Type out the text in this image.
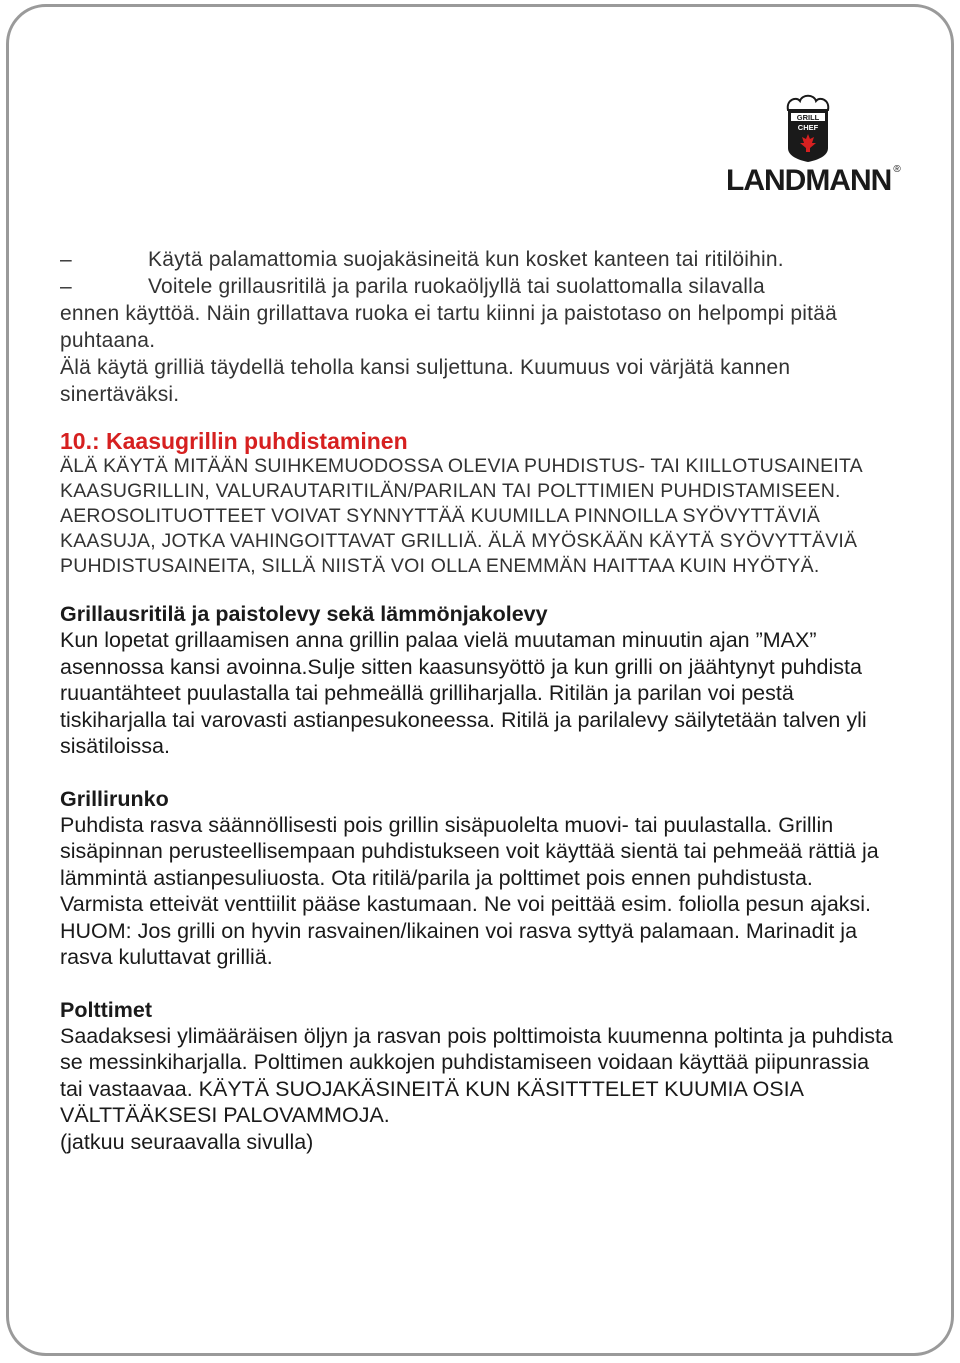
GRILL
CHEF
LANDMANN ®
–	Käytä palamattomia suojakäsineitä kun kosket kanteen tai ritilöihin.
–	Voitele grillausritilä ja parila ruokaöljyllä tai suolattomalla silavalla
ennen käyttöä. Näin grillattava ruoka ei tartu kiinni ja paistotaso on helpompi pitää puhtaana.
Älä käytä grilliä täydellä teholla kansi suljettuna. Kuumuus voi värjätä kannen sinertäväksi.
10.: Kaasugrillin puhdistaminen
ÄLÄ KÄYTÄ MITÄÄN SUIHKEMUODOSSA OLEVIA PUHDISTUS- TAI KIILLOTUSAINEITA KAASUGRILLIN, VALURAUTARITILÄN/PARILAN TAI POLTTIMIEN PUHDISTAMISEEN. AEROSOLITUOTTEET VOIVAT SYNNYTTÄÄ KUUMILLA PINNOILLA SYÖVYTTÄVIÄ KAASUJA, JOTKA VAHINGOITTAVAT GRILLIÄ. ÄLÄ MYÖSKÄÄN KÄYTÄ SYÖVYTTÄVIÄ PUHDISTUSAINEITA, SILLÄ NIISTÄ VOI OLLA ENEMMÄN HAITTAA KUIN HYÖTYÄ.
Grillausritilä ja paistolevy sekä lämmönjakolevy
Kun lopetat grillaamisen anna grillin palaa vielä muutaman minuutin ajan ”MAX” asennossa kansi avoinna.Sulje sitten kaasunsyöttö ja kun grilli on jäähtynyt puhdista ruuantähteet puulastalla tai pehmeällä grilliharjalla. Ritilän ja parilan voi pestä tiskiharjalla tai varovasti astianpesukoneessa. Ritilä ja parilalevy säilytetään talven yli sisätiloissa.
Grillirunko
Puhdista rasva säännöllisesti pois grillin sisäpuolelta muovi- tai puulastalla. Grillin sisäpinnan perusteellisempaan puhdistukseen voit käyttää sientä tai pehmeää rättiä ja lämmintä astianpesuliuosta. Ota ritilä/parila ja polttimet pois ennen puhdistusta. Varmista etteivät venttiilit pääse kastumaan. Ne voi peittää esim. foliolla pesun ajaksi.
HUOM: Jos grilli on hyvin rasvainen/likainen voi rasva syttyä palamaan. Marinadit ja rasva kuluttavat grilliä.
Polttimet
Saadaksesi ylimääräisen öljyn ja rasvan pois polttimoista kuumenna poltinta ja puhdista se messinkiharjalla. Polttimen aukkojen puhdistamiseen voidaan käyttää piipunrassia tai vastaavaa. KÄYTÄ SUOJAKÄSINEITÄ KUN KÄSITTTELET KUUMIA OSIA VÄLTTÄÄKSESI PALOVAMMOJA.
(jatkuu seuraavalla sivulla)
